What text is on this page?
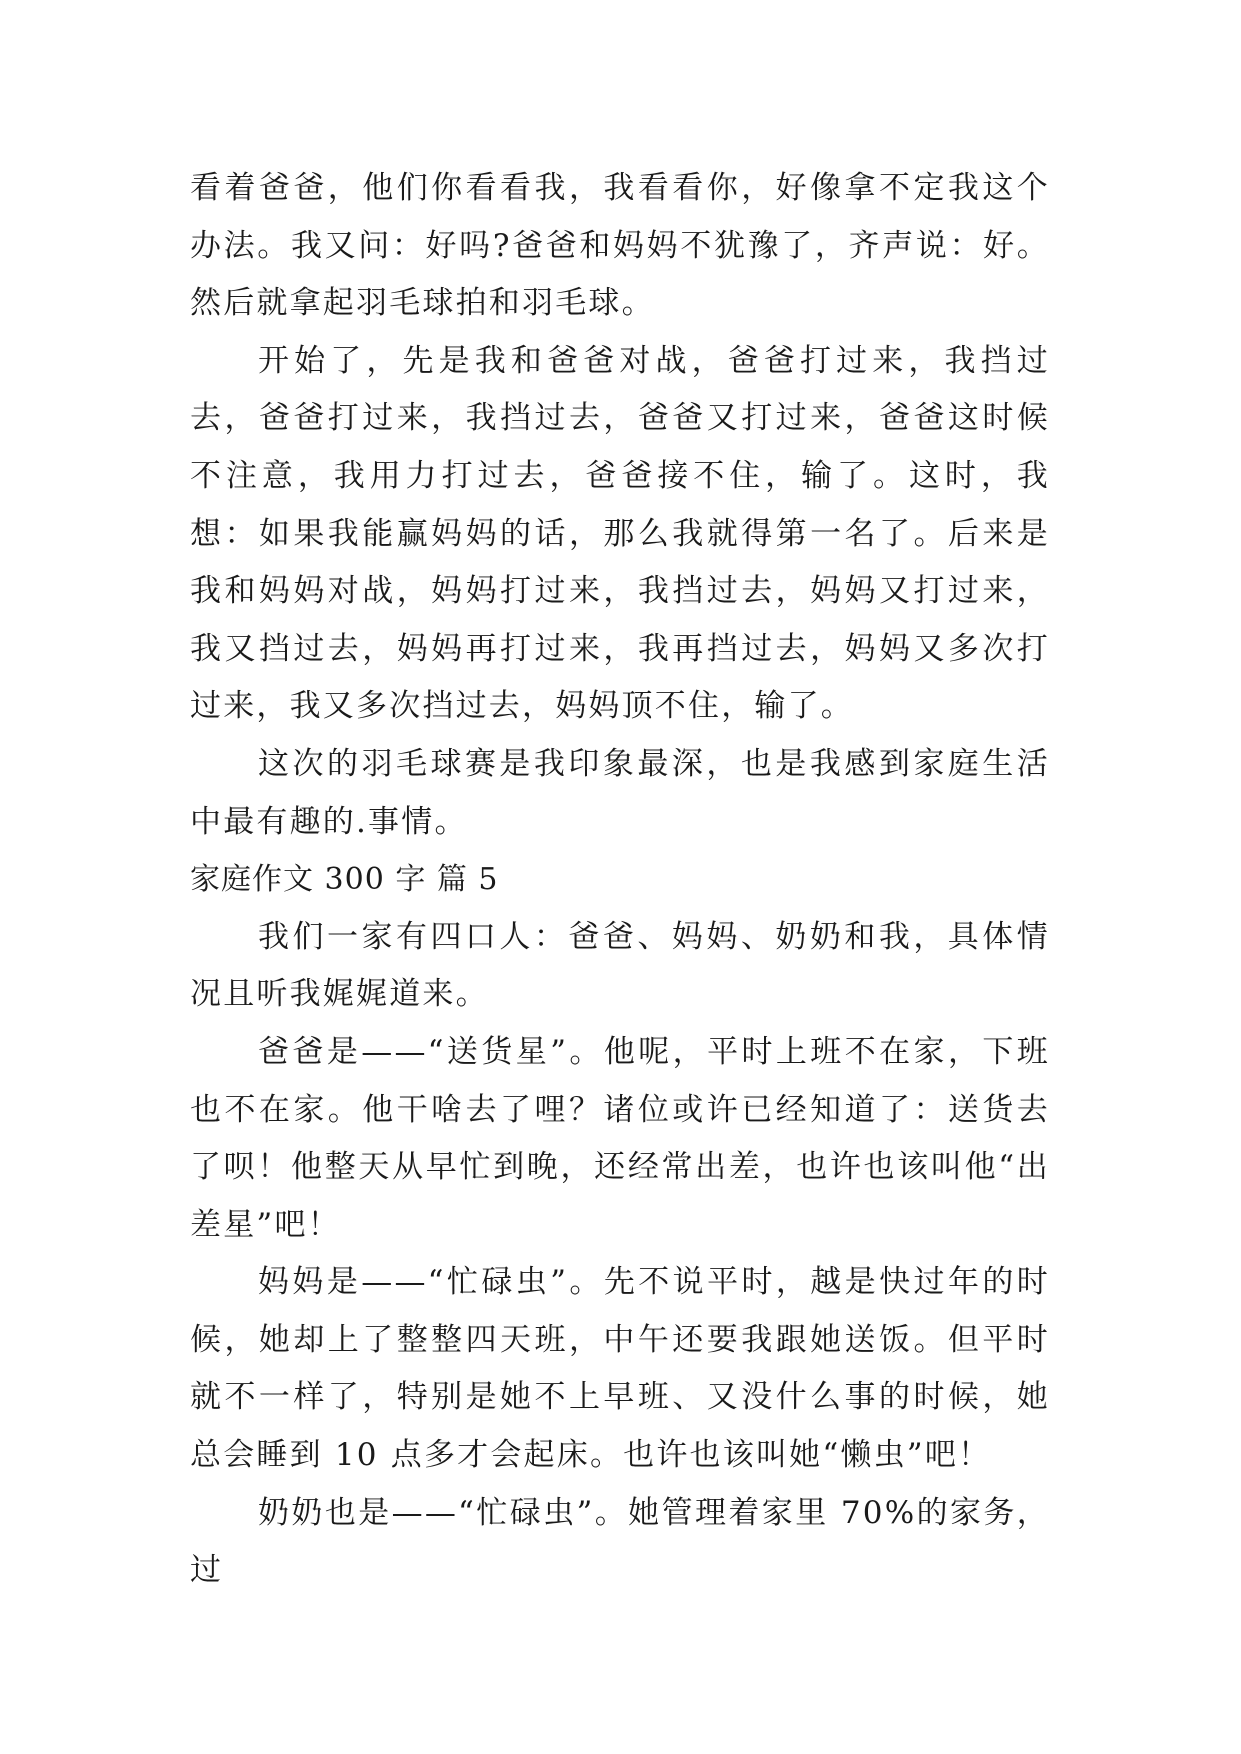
看着爸爸，他们你看看我，我看看你，好像拿不定我这个办法。我又问：好吗?爸爸和妈妈不犹豫了，齐声说：好。然后就拿起羽毛球拍和羽毛球。

开始了，先是我和爸爸对战，爸爸打过来，我挡过去，爸爸打过来，我挡过去，爸爸又打过来，爸爸这时候不注意，我用力打过去，爸爸接不住，输了。这时，我想：如果我能赢妈妈的话，那么我就得第一名了。后来是我和妈妈对战，妈妈打过来，我挡过去，妈妈又打过来，我又挡过去，妈妈再打过来，我再挡过去，妈妈又多次打过来，我又多次挡过去，妈妈顶不住，输了。

这次的羽毛球赛是我印象最深，也是我感到家庭生活中最有趣的.事情。

家庭作文 300 字 篇 5

我们一家有四口人：爸爸、妈妈、奶奶和我，具体情况且听我娓娓道来。

爸爸是——“送货星”。他呢，平时上班不在家，下班也不在家。他干啥去了哩？诸位或许已经知道了：送货去了呗！他整天从早忙到晚，还经常出差，也许也该叫他“出差星”吧！

妈妈是——“忙碌虫”。先不说平时，越是快过年的时候，她却上了整整四天班，中午还要我跟她送饭。但平时就不一样了，特别是她不上早班、又没什么事的时候，她总会睡到 10 点多才会起床。也许也该叫她“懒虫”吧！

奶奶也是——“忙碌虫”。她管理着家里 70%的家务，过
